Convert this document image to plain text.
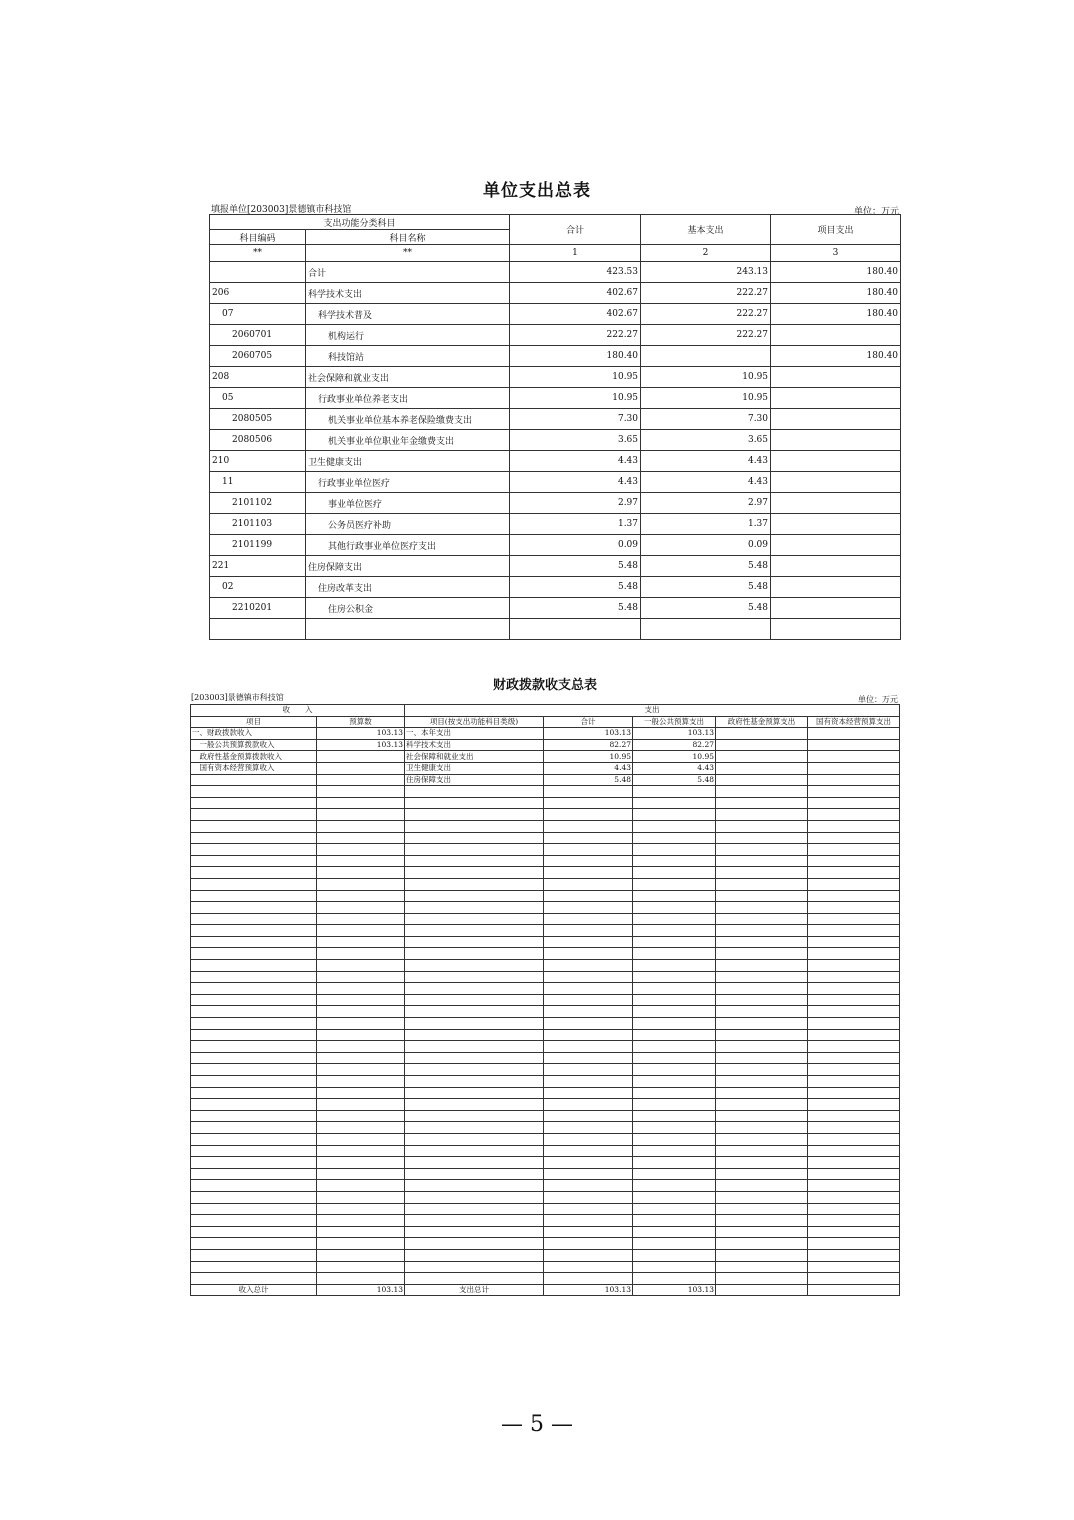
单位支出总表
填报单位[203003]景德镇市科技馆	单位：万元
支出功能分类科目		合计	基本支出	项目支出
科目编码	科目名称			
**	**	1	2	3
	合计	423.53	243.13	180.40
206	科学技术支出	402.67	222.27	180.40
07	科学技术普及	402.67	222.27	180.40
2060701	机构运行	222.27	222.27	
2060705	科技馆站	180.40		180.40
208	社会保障和就业支出	10.95	10.95	
05	行政事业单位养老支出	10.95	10.95	
2080505	机关事业单位基本养老保险缴费支出	7.30	7.30	
2080506	机关事业单位职业年金缴费支出	3.65	3.65	
210	卫生健康支出	4.43	4.43	
11	行政事业单位医疗	4.43	4.43	
2101102	事业单位医疗	2.97	2.97	
2101103	公务员医疗补助	1.37	1.37	
2101199	其他行政事业单位医疗支出	0.09	0.09	
221	住房保障支出	5.48	5.48	
02	住房改革支出	5.48	5.48	
2210201	住房公积金	5.48	5.48	

财政拨款收支总表
[203003]景德镇市科技馆	单位：万元
收　　入		支出				
项目	预算数	项目(按支出功能科目类级)	合计	一般公共预算支出	政府性基金预算支出	国有资本经营预算支出
一、财政拨款收入	103.13	一、本年支出	103.13	103.13		
　一般公共预算拨款收入	103.13	科学技术支出	82.27	82.27		
　政府性基金预算拨款收入		社会保障和就业支出	10.95	10.95		
　国有资本经营预算收入		卫生健康支出	4.43	4.43		
		住房保障支出	5.48	5.48		

收入总计	103.13	支出总计	103.13	103.13		
— 5 —
